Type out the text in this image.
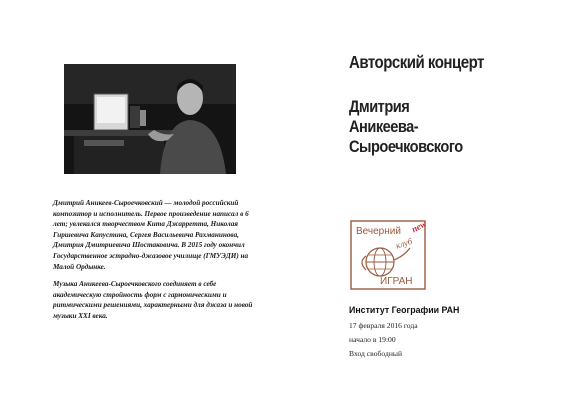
Дмитрий Аникеев-Сыроечковский — молодой российский композитор и исполнитель. Первое произведение написал в 6 лет; увлекался творчеством Кита Джарретта, Николая Гиршевича Капустина, Сергея Васильевича Рахманинова, Дмитрия Дмитриевича Шостаковича. В 2015 году окончил Государственное эстрадно-джазовое училище (ГМУЭДИ) на Малой Ордынке.

Музыка Аникеева-Сыроечковского соединяет в себе академическую стройность форм с гармоническими и ритмическими решениями, характерными для джаза и новой музыки XXI века.

Авторский концерт
Дмитрия
Аникеева-
Сыроечковского
Вечерний
клуб
new
ИГРАН
Институт Географии РАН
17 февраля 2016 года
начало в 19:00
Вход свободный
